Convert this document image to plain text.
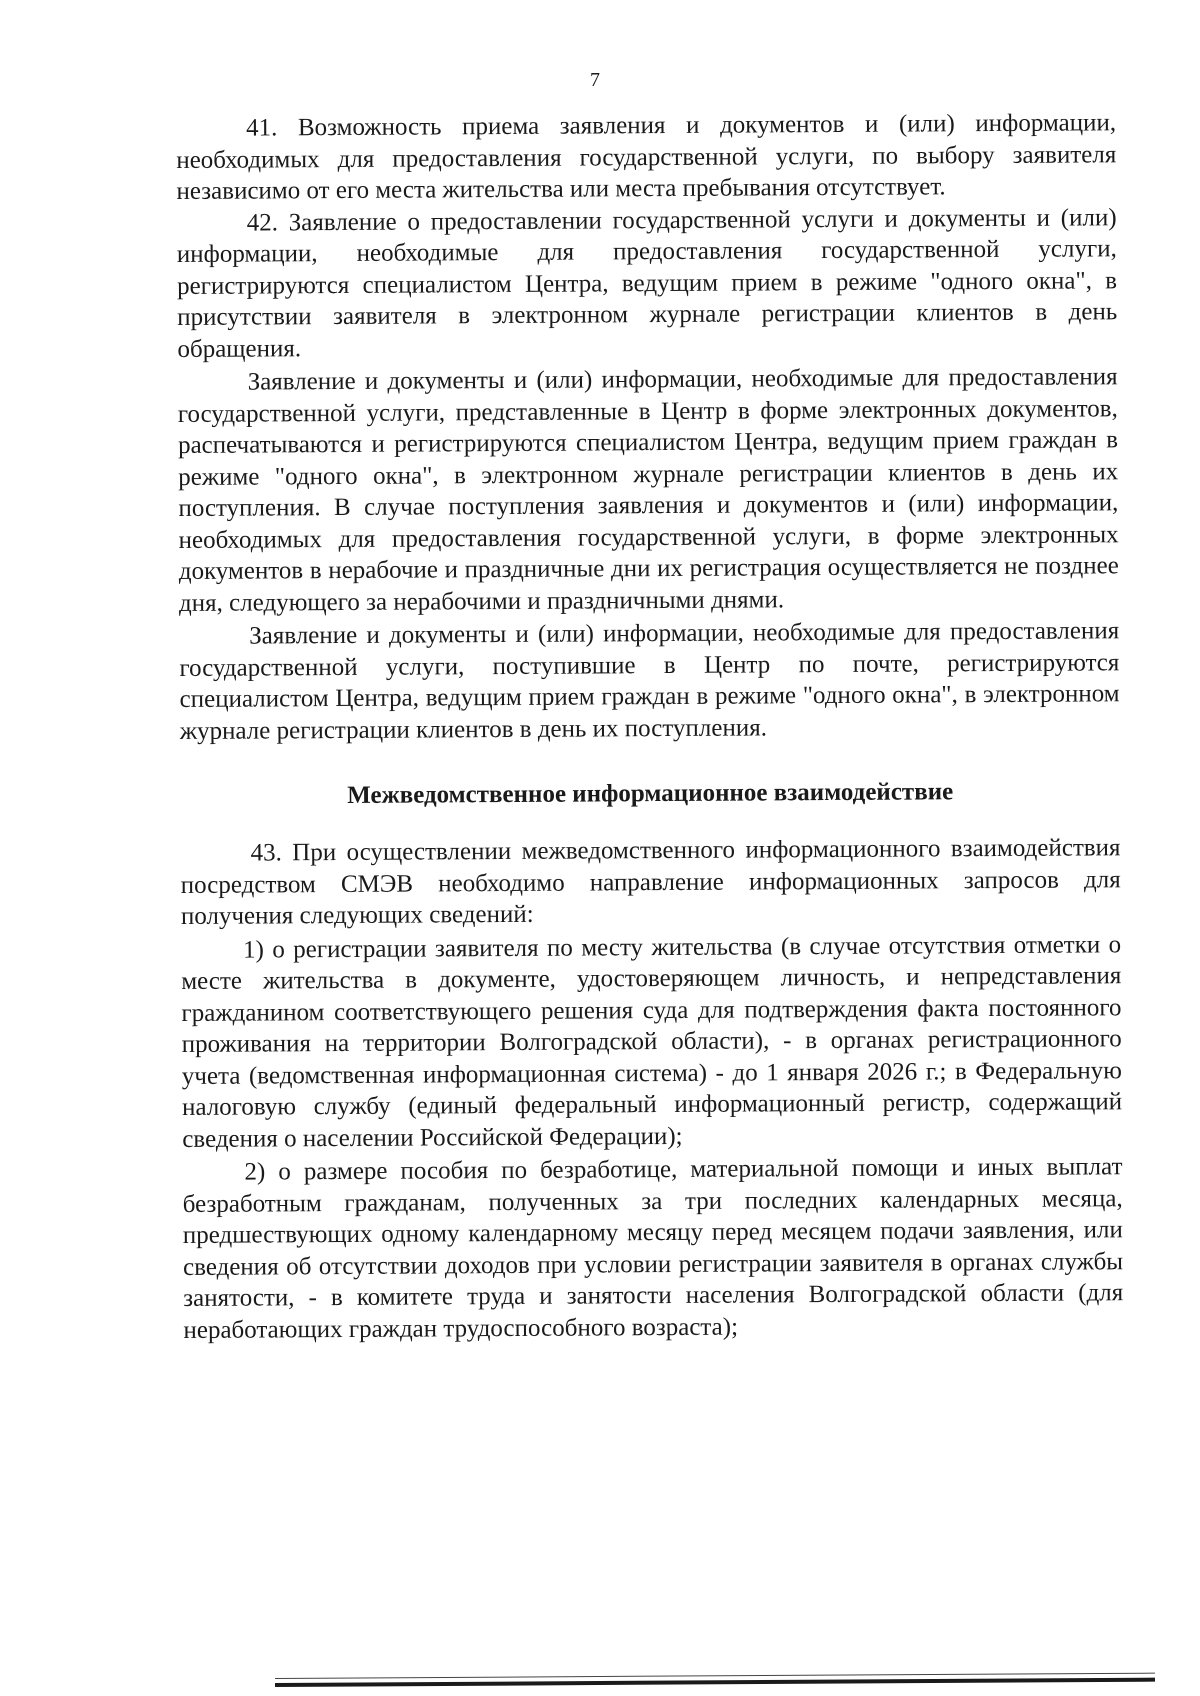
7

41. Возможность приема заявления и документов и (или) информации, необходимых для предоставления государственной услуги, по выбору заявителя независимо от его места жительства или места пребывания отсутствует.

42. Заявление о предоставлении государственной услуги и документы и (или) информации, необходимые для предоставления государственной услуги, регистрируются специалистом Центра, ведущим прием в режиме "одного окна", в присутствии заявителя в электронном журнале регистрации клиентов в день обращения.

Заявление и документы и (или) информации, необходимые для предоставления государственной услуги, представленные в Центр в форме электронных документов, распечатываются и регистрируются специалистом Центра, ведущим прием граждан в режиме "одного окна", в электронном журнале регистрации клиентов в день их поступления. В случае поступления заявления и документов и (или) информации, необходимых для предоставления государственной услуги, в форме электронных документов в нерабочие и праздничные дни их регистрация осуществляется не позднее дня, следующего за нерабочими и праздничными днями.

Заявление и документы и (или) информации, необходимые для предоставления государственной услуги, поступившие в Центр по почте, регистрируются специалистом Центра, ведущим прием граждан в режиме "одного окна", в электронном журнале регистрации клиентов в день их поступления.

Межведомственное информационное взаимодействие

43. При осуществлении межведомственного информационного взаимодействия посредством СМЭВ необходимо направление информационных запросов для получения следующих сведений:

1) о регистрации заявителя по месту жительства (в случае отсутствия отметки о месте жительства в документе, удостоверяющем личность, и непредставления гражданином соответствующего решения суда для подтверждения факта постоянного проживания на территории Волгоградской области), - в органах регистрационного учета (ведомственная информационная система) - до 1 января 2026 г.; в Федеральную налоговую службу (единый федеральный информационный регистр, содержащий сведения о населении Российской Федерации);

2) о размере пособия по безработице, материальной помощи и иных выплат безработным гражданам, полученных за три последних календарных месяца, предшествующих одному календарному месяцу перед месяцем подачи заявления, или сведения об отсутствии доходов при условии регистрации заявителя в органах службы занятости, - в комитете труда и занятости населения Волгоградской области (для неработающих граждан трудоспособного возраста);
